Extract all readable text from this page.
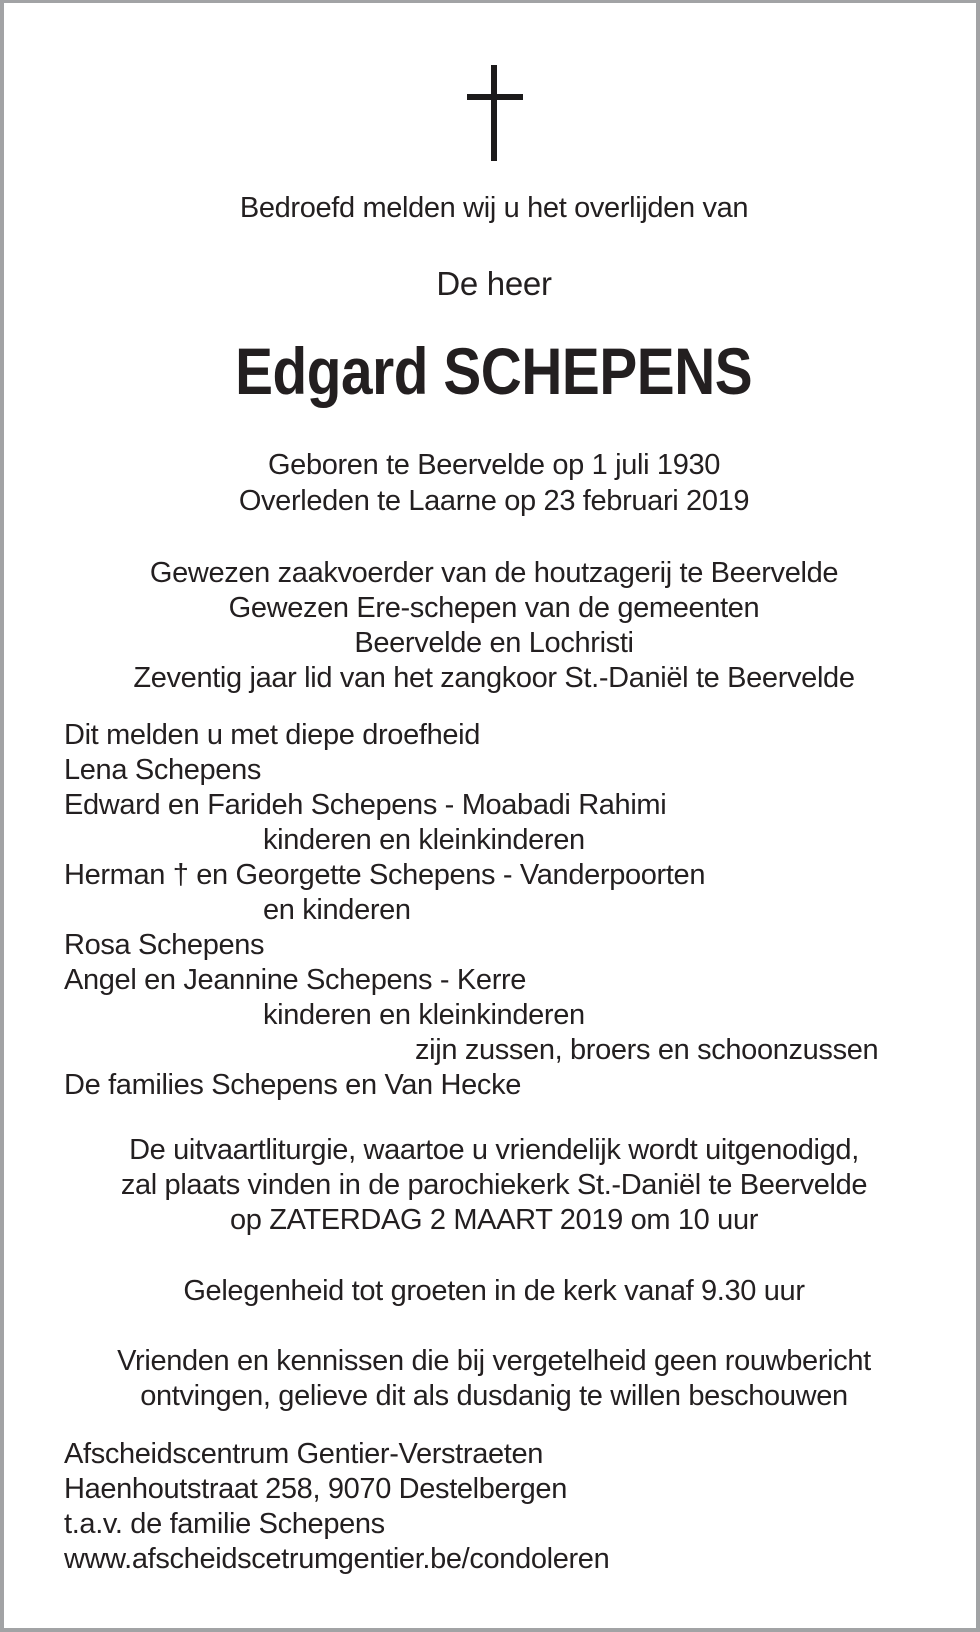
Bedroefd melden wij u het overlijden van
De heer
Edgard SCHEPENS
Geboren te Beervelde op 1 juli 1930
Overleden te Laarne op 23 februari 2019
Gewezen zaakvoerder van de houtzagerij te Beervelde
Gewezen Ere-schepen van de gemeenten
Beervelde en Lochristi
Zeventig jaar lid van het zangkoor St.-Daniël te Beervelde
Dit melden u met diepe droefheid
Lena Schepens
Edward en Farideh Schepens - Moabadi Rahimi
kinderen en kleinkinderen
Herman † en Georgette Schepens - Vanderpoorten
en kinderen
Rosa Schepens
Angel en Jeannine Schepens - Kerre
kinderen en kleinkinderen
zijn zussen, broers en schoonzussen
De families Schepens en Van Hecke
De uitvaartliturgie, waartoe u vriendelijk wordt uitgenodigd,
zal plaats vinden in de parochiekerk St.-Daniël te Beervelde
op ZATERDAG 2 MAART 2019 om 10 uur
Gelegenheid tot groeten in de kerk vanaf 9.30 uur
Vrienden en kennissen die bij vergetelheid geen rouwbericht
ontvingen, gelieve dit als dusdanig te willen beschouwen
Afscheidscentrum Gentier-Verstraeten
Haenhoutstraat 258, 9070 Destelbergen
t.a.v. de familie Schepens
www.afscheidscetrumgentier.be/condoleren
